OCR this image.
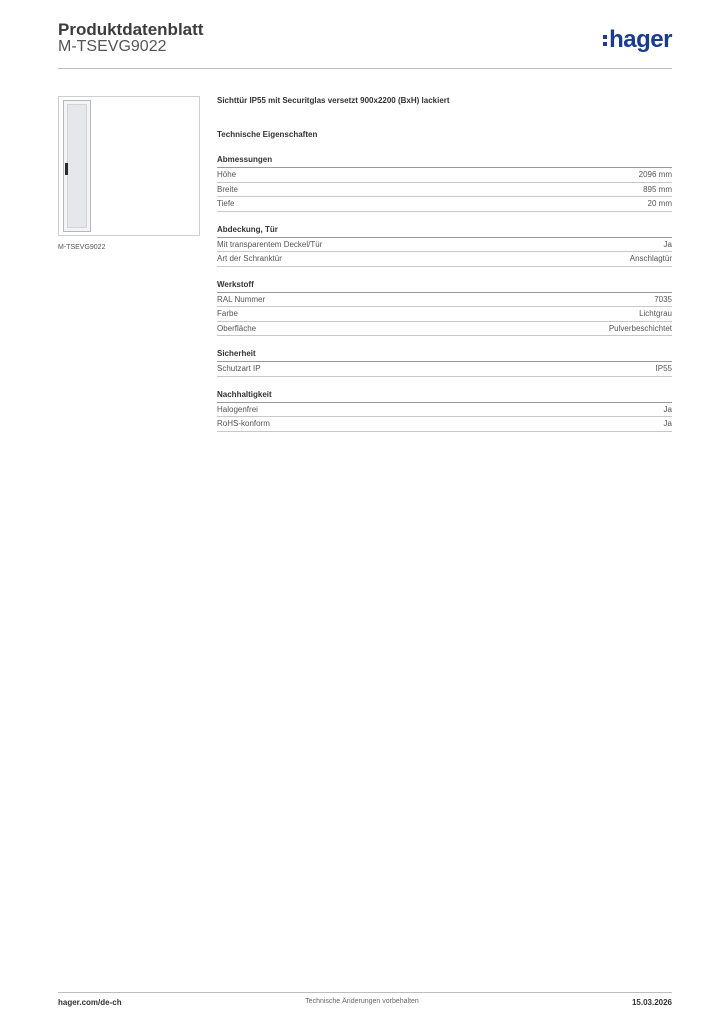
Produktdatenblatt
M-TSEVG9022	hager
M-TSEVG9022
Sichttür IP55 mit Securitglas versetzt 900x2200 (BxH) lackiert
Technische Eigenschaften
Abmessungen
Höhe	2096 mm
Breite	895 mm
Tiefe	20 mm
Abdeckung, Tür
Mit transparentem Deckel/Tür	Ja
Art der Schranktür	Anschlagtür
Werkstoff
RAL Nummer	7035
Farbe	Lichtgrau
Oberfläche	Pulverbeschichtet
Sicherheit
Schutzart IP	IP55
Nachhaltigkeit
Halogenfrei	Ja
RoHS-konform	Ja
hager.com/de-ch	Technische Änderungen vorbehalten	15.03.2026
